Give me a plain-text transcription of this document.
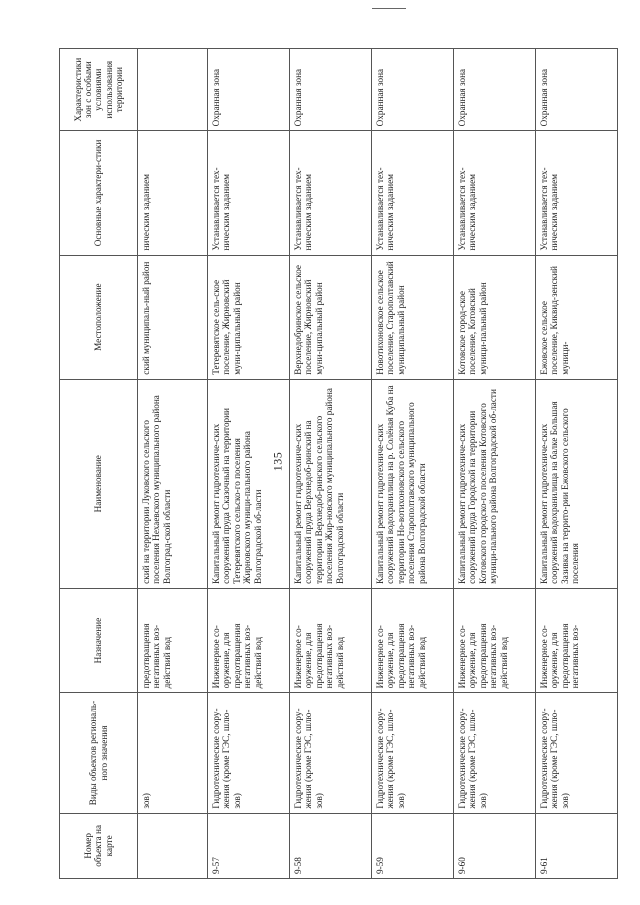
135
Номер объекта на карте	Виды объектов региональ-ного значения	Назначение	Наименование	Местоположение	Основные характери-стики	Характеристики зон с особыми условиями использования территории
	зов)	предотвращения негативных воз-действий вод	ский на территории Луковского сельского поселения Нехаевского муниципального района Волгоград-ской области	ский муниципаль-ный район	ническим заданием	
9-57	Гидротехнические соору-жения (кроме ГЭС, шлю-зов)	Инженерное со-оружение, для предотвращения негативных воз-действий вод	Капитальный ремонт гидротехниче-ских сооружений пруда Сказочный на территории Тетеревятского сельско-го поселения Жирновского муници-пального района Волгоградской об-ласти	Тетеревятское сель-ское поселение, Жирновский муни-ципальный район	Устанавливается тех-ническим заданием	Охранная зона
9-58	Гидротехнические соору-жения (кроме ГЭС, шлю-зов)	Инженерное со-оружение, для предотвращения негативных воз-действий вод	Капитальный ремонт гидротехниче-ских сооружений пруда Верхнедоб-ринский на территории Верхнедоб-ринского сельского поселения Жир-новского муниципального района Волгоградской области	Верхнедобринское сельское поселение, Жирновский муни-ципальный район	Устанавливается тех-ническим заданием	Охранная зона
9-59	Гидротехнические соору-жения (кроме ГЭС, шлю-зов)	Инженерное со-оружение, для предотвращения негативных воз-действий вод	Капитальный ремонт гидротехниче-ских сооружений водохранилища на р. Солёная Кубa на территории Но-вотихоновского сельского поселения Старополтавского муниципального района Волгоградской области	Новотихоновское сельское поселение, Старополтавский муниципальный район	Устанавливается тех-ническим заданием	Охранная зона
9-60	Гидротехнические соору-жения (кроме ГЭС, шлю-зов)	Инженерное со-оружение, для предотвращения негативных воз-действий вод	Капитальный ремонт гидротехниче-ских сооружений пруда Городской на территории Котовского городско-го поселения Котовского муници-пального района Волгоградской об-ласти	Котовское город-ское поселение, Котовский муници-пальный район	Устанавливается тех-ническим заданием	Охранная зона
9-61	Гидротехнические соору-жения (кроме ГЭС, шлю-зов)	Инженерное со-оружение, для предотвращения негативных воз-	Капитальный ремонт гидротехниче-ских сооружений водохранилища на балке Большая Зазивка на террито-рии Ежовского сельского поселения	Ежовское сельское поселение, Киквид-зенский муници-	Устанавливается тех-ническим заданием	Охранная зона
